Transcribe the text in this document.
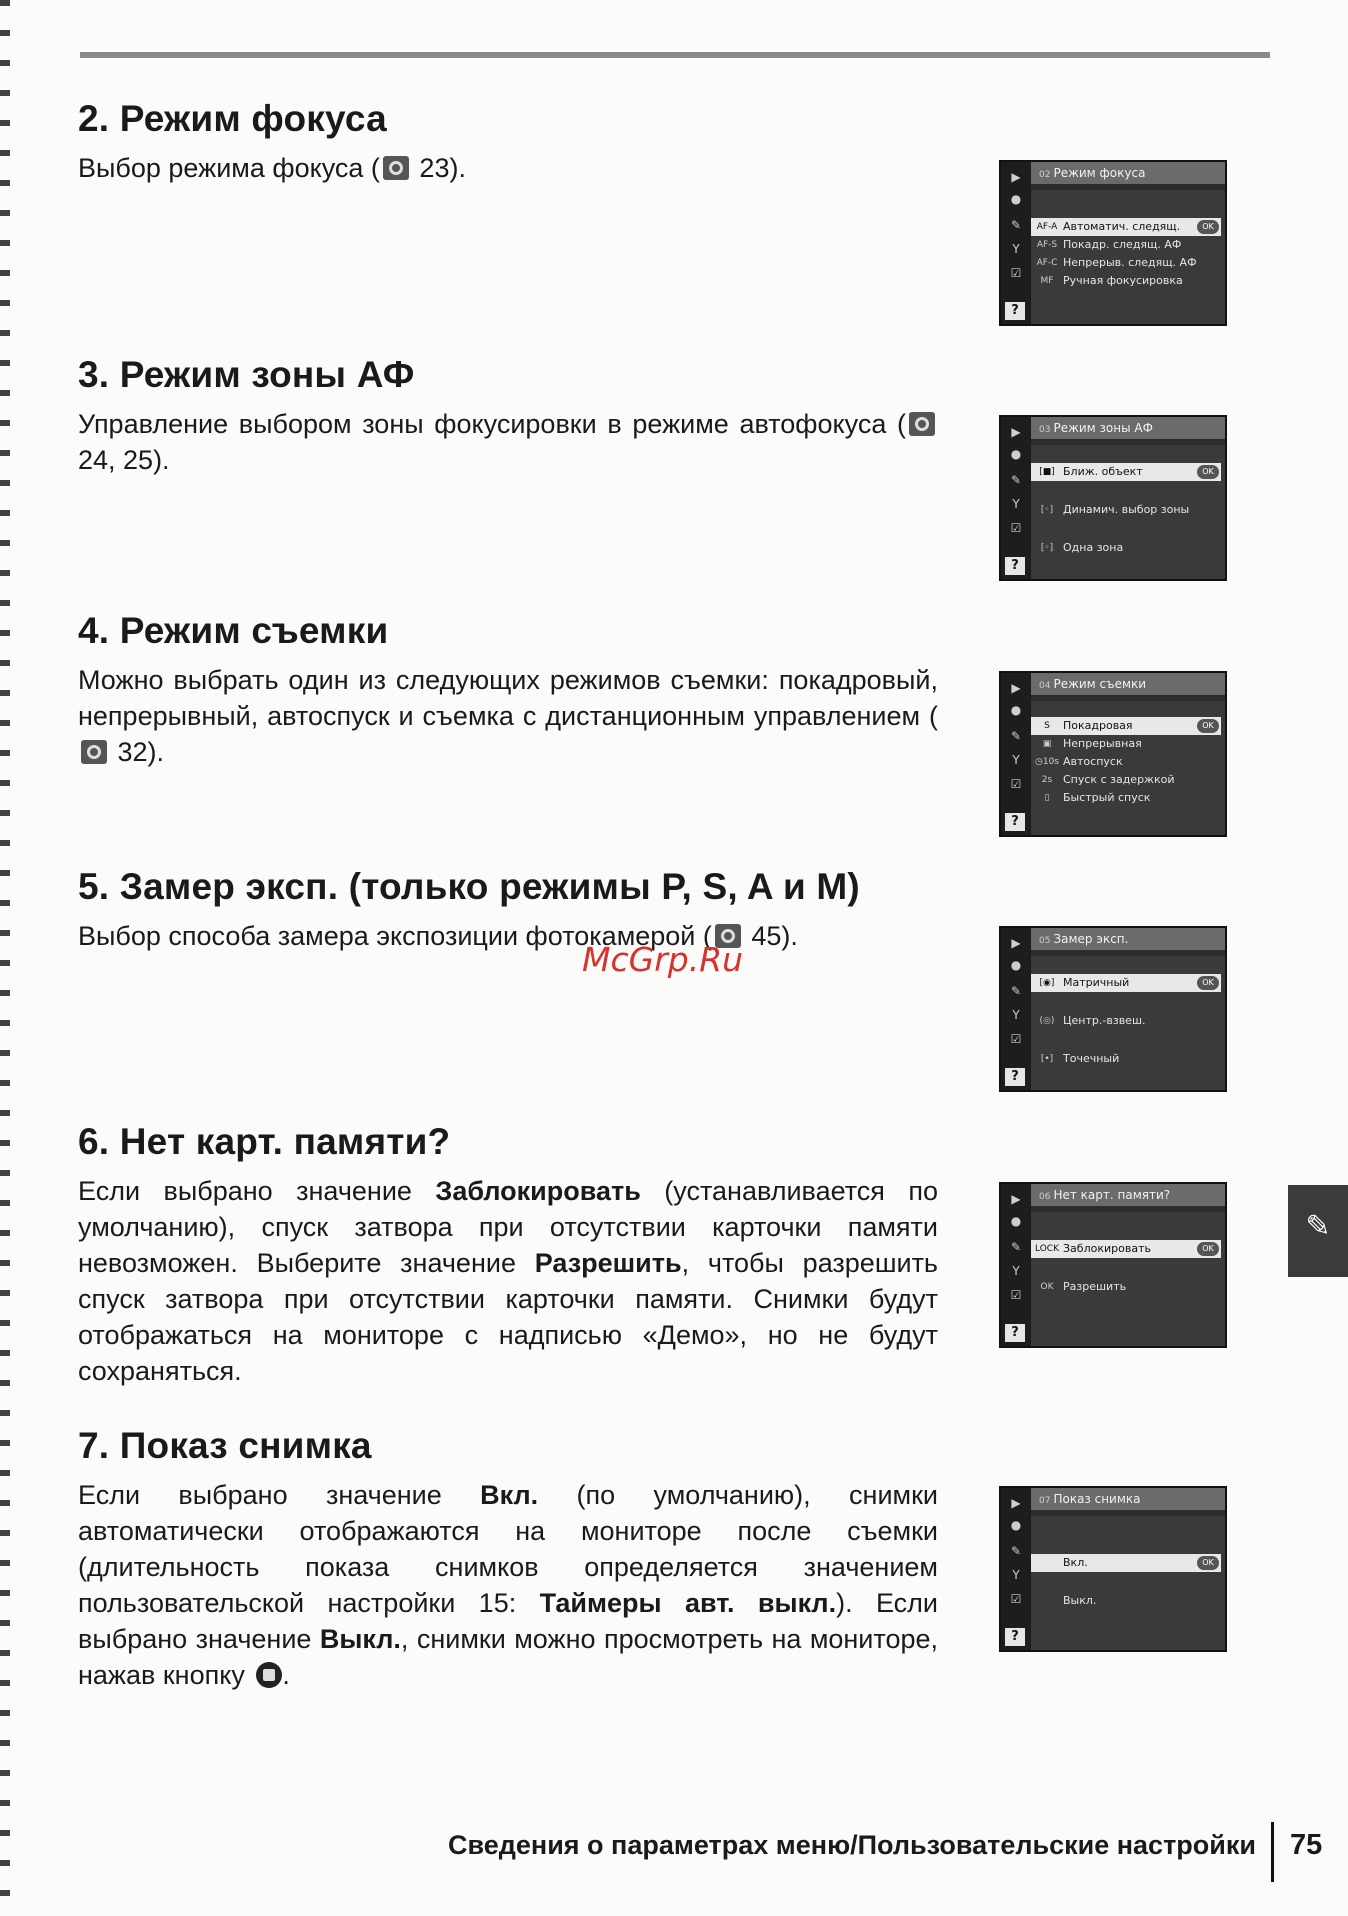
2. Режим фокуса

Выбор режима фокуса ( 23).

3. Режим зоны АФ

Управление выбором зоны фокусировки в режиме автофокуса ( 24, 25).

4. Режим съемки

Можно выбрать один из следующих режимов съемки: покадровый, непрерывный, автоспуск и съемка с дистанционным управлением ( 32).

5. Замер эксп. (только режимы P, S, A и M)

Выбор способа замера экспозиции фотокамерой ( 45).

6. Нет карт. памяти?

Если выбрано значение Заблокировать (устанавливается по умолчанию), спуск затвора при отсутствии карточки памяти невозможен. Выберите значение Разрешить, чтобы разрешить спуск затвора при отсутствии карточки памяти. Снимки будут отображаться на мониторе с надписью «Демо», но не будут сохраняться.

7. Показ снимка

Если выбрано значение Вкл. (по умолчанию), снимки автоматически отображаются на мониторе после съемки (длительность показа снимков определяется значением пользовательской настройки 15: Таймеры авт. выкл.). Если выбрано значение Выкл., снимки можно просмотреть на мониторе, нажав кнопку .

▶
●
✎
Y
☑
02 Режим фокуса
AF-A Автоматич. следящ.	OK
AF-S Покадр. следящ. АФ
AF-C Непрерыв. следящ. АФ
MF Ручная фокусировка
?
▶
●
✎
Y
☑
03 Режим зоны АФ
[■] Ближ. объект	OK
[◦] Динамич. выбор зоны
[◦] Одна зона
?
▶
●
✎
Y
☑
04 Режим съемки
S	Покадровая	OK
▣	Непрерывная
◷10s Автоспуск
2s Спуск с задержкой
▯	Быстрый спуск
?
▶
●
✎
Y
☑
05 Замер эксп.
[◉] Матричный	OK
(◎) Центр.-взвеш.
[•] Точечный
?
▶
●
✎
Y
☑
06 Нет карт. памяти?
LOCK Заблокировать	OK
OK Разрешить
?
▶
●
✎
Y
☑
07 Показ снимка
Вкл.	OK
Выкл.
?
✎
McGrp.Ru
Сведения о параметрах меню/Пользовательские настройки 75
